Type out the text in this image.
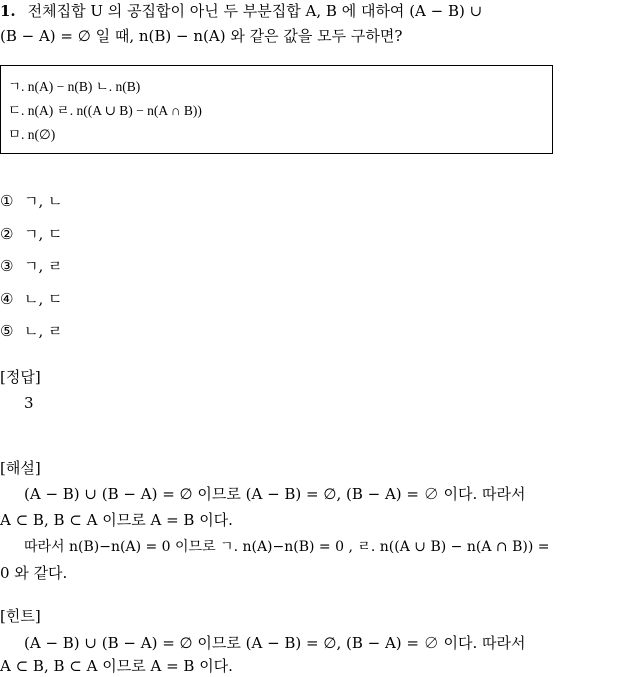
1. 전체집합 U 의 공집합이 아닌 두 부분집합 A, B 에 대하여 (A − B) ∪
(B − A) = ∅ 일 때, n(B) − n(A) 와 같은 값을 모두 구하면?
ㄱ. n(A) − n(B) ㄴ. n(B)
ㄷ. n(A) ㄹ. n((A ∪ B) − n(A ∩ B))
ㅁ. n(∅)
① ㄱ, ㄴ
② ㄱ, ㄷ
③ ㄱ, ㄹ
④ ㄴ, ㄷ
⑤ ㄴ, ㄹ
[정답]
3
[해설]
(A − B) ∪ (B − A) = ∅ 이므로 (A − B) = ∅, (B − A) = ∅ 이다. 따라서
A ⊂ B, B ⊂ A 이므로 A = B 이다.
따라서 n(B)−n(A) = 0 이므로 ㄱ. n(A)−n(B) = 0 , ㄹ. n((A ∪ B) − n(A ∩ B)) =
0 와 같다.
[힌트]
(A − B) ∪ (B − A) = ∅ 이므로 (A − B) = ∅, (B − A) = ∅ 이다. 따라서
A ⊂ B, B ⊂ A 이므로 A = B 이다.
